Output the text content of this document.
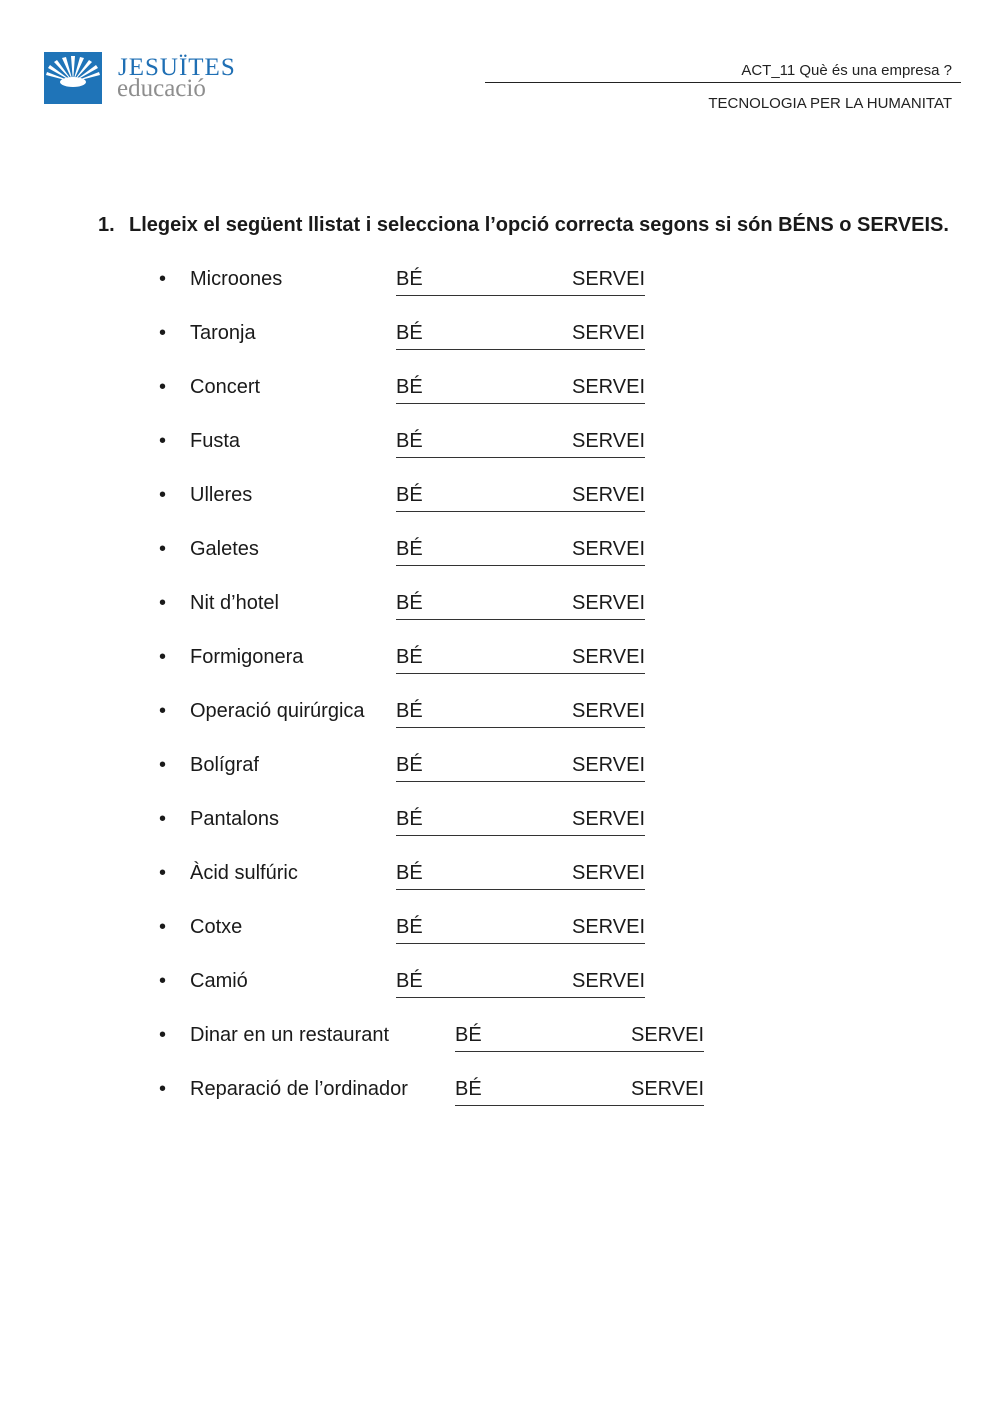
JESUÏTES
educació
ACT_11 Què és una empresa ?
TECNOLOGIA PER LA HUMANITAT
1. Llegeix el següent llistat i selecciona l’opció correcta segons si són BÉNS o SERVEIS.
• Microones	BÉ	SERVEI
• Taronja	BÉ	SERVEI
• Concert	BÉ	SERVEI
• Fusta	BÉ	SERVEI
• Ulleres	BÉ	SERVEI
• Galetes	BÉ	SERVEI
• Nit d’hotel	BÉ	SERVEI
• Formigonera	BÉ	SERVEI
• Operació quirúrgica BÉ	SERVEI
• Bolígraf	BÉ	SERVEI
• Pantalons	BÉ	SERVEI
• Àcid sulfúric	BÉ	SERVEI
• Cotxe	BÉ	SERVEI
• Camió	BÉ	SERVEI
• Dinar en un restaurant	BÉ	SERVEI
• Reparació de l’ordinador BÉ	SERVEI
